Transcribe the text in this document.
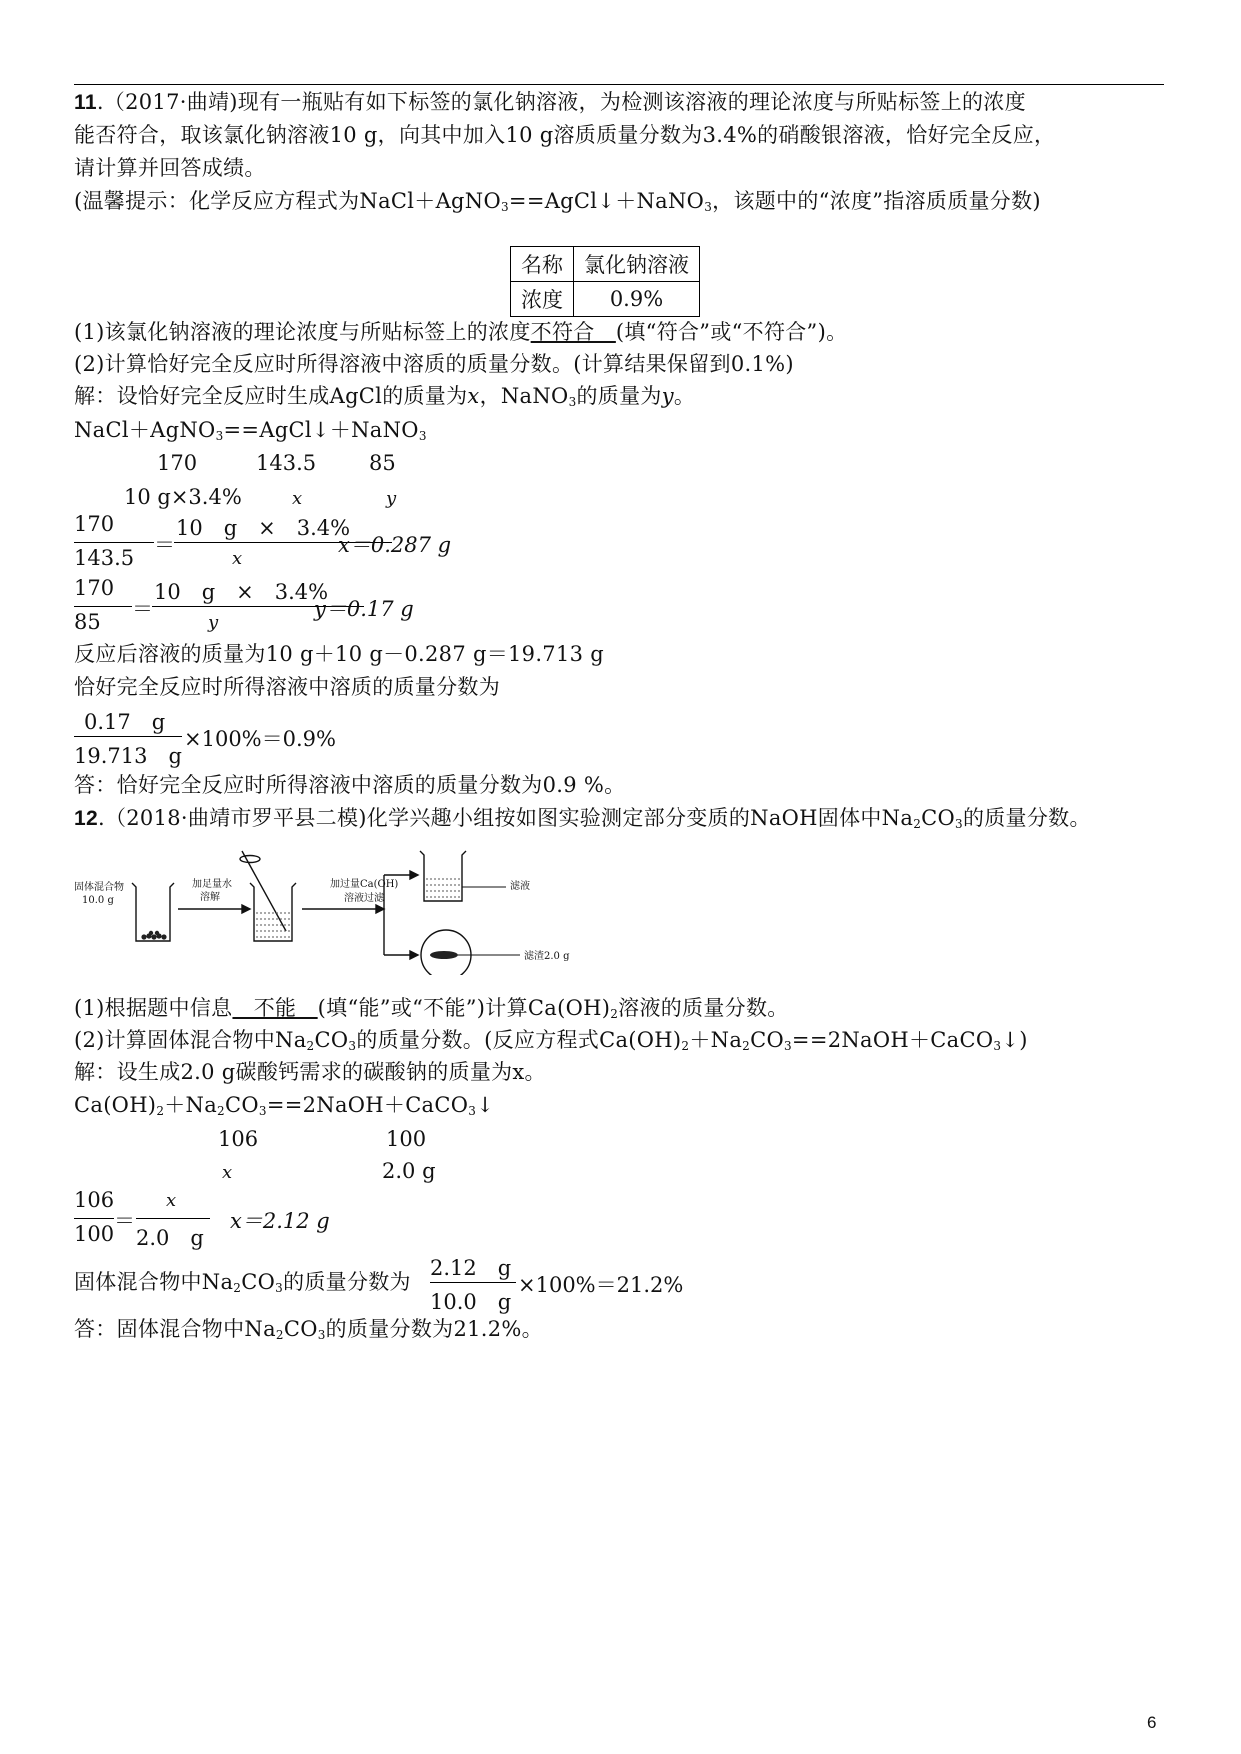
11.（2017·曲靖)现有一瓶贴有如下标签的氯化钠溶液，为检测该溶液的理论浓度与所贴标签上的浓度
能否符合，取该氯化钠溶液10 g，向其中加入10 g溶质质量分数为3.4%的硝酸银溶液，恰好完全反应，
请计算并回答成绩。
(温馨提示：化学反应方程式为NaCl＋AgNO$_3$==AgCl↓＋NaNO$_3$，该题中的“浓度”指溶质质量分数)
名称	氯化钠溶液
浓度	0.9%
(1)该氯化钠溶液的理论浓度与所贴标签上的浓度不符合　(填“符合”或“不符合”)。
(2)计算恰好完全反应时所得溶液中溶质的质量分数。(计算结果保留到0.1%)
解：设恰好完全反应时生成AgCl的质量为x，NaNO$_3$的质量为y。
NaCl＋AgNO$_3$==AgCl↓＋NaNO$_3$
170	143.5	85
10 g×3.4%	x	y
170
143.5
＝
10　g　×　3.4%
x
x＝0.287 g
170
85
＝
10　g　×　3.4%
y
y＝0.17 g
反应后溶液的质量为10 g＋10 g－0.287 g＝19.713 g
恰好完全反应时所得溶液中溶质的质量分数为
0.17　g
19.713　g
×100%＝0.9%
答：恰好完全反应时所得溶液中溶质的质量分数为0.9 %。
12.（2018·曲靖市罗平县二模)化学兴趣小组按如图实验测定部分变质的NaOH固体中$Na_2CO_3$的质量分数。
固体混合物
10.0 g
加足量水
溶解
加过量Ca(OH)
溶液过滤
滤液
滤渣2.0 g
(1)根据题中信息　不能　(填“能”或“不能”)计算$Ca(OH)_2$溶液的质量分数。
(2)计算固体混合物中$Na_2CO_3$的质量分数。(反应方程式$Ca(OH)_2+Na_2CO_3==2NaOH+CaCO_3↓$)
解：设生成2.0 g碳酸钙需求的碳酸钠的质量为x。
$Ca(OH)_2+Na_2CO_3==2NaOH+CaCO_3↓$
106	100
x	2.0 g
106
100
＝
x
2.0　g
x＝2.12 g
固体混合物中$Na_2CO_3$的质量分数为
2.12　g
10.0　g
×100%＝21.2%
答：固体混合物中$Na_2CO_3$的质量分数为21.2%。
6
